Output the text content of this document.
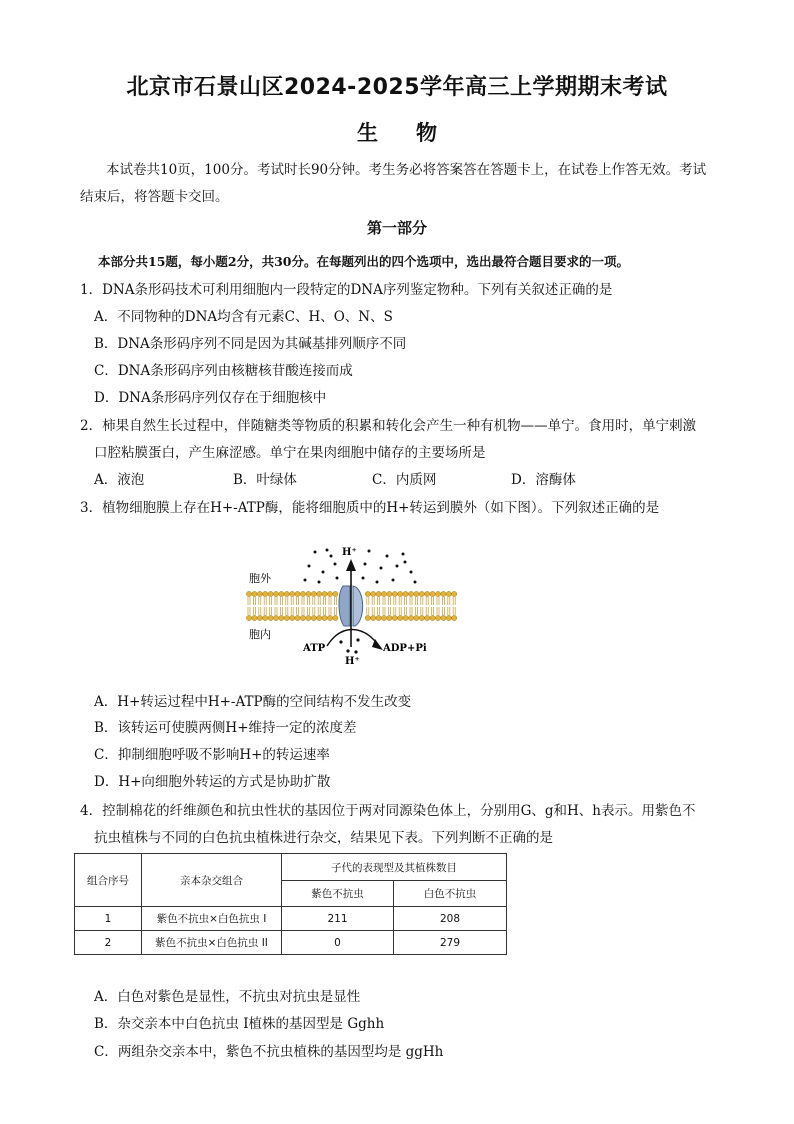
北京市石景山区2024-2025学年高三上学期期末考试
生物
本试卷共10页，100分。考试时长90分钟。考生务必将答案答在答题卡上，在试卷上作答无效。考试结束后，将答题卡交回。
第一部分
本部分共15题，每小题2分，共30分。在每题列出的四个选项中，选出最符合题目要求的一项。
1．DNA条形码技术可利用细胞内一段特定的DNA序列鉴定物种。下列有关叙述正确的是
A．不同物种的DNA均含有元素C、H、O、N、S
B．DNA条形码序列不同是因为其碱基排列顺序不同
C．DNA条形码序列由核糖核苷酸连接而成
D．DNA条形码序列仅存在于细胞核中
2．柿果自然生长过程中，伴随糖类等物质的积累和转化会产生一种有机物——单宁。食用时，单宁刺激
口腔粘膜蛋白，产生麻涩感。单宁在果肉细胞中储存的主要场所是
A．液泡	B．叶绿体	C．内质网	D．溶酶体
3．植物细胞膜上存在H+-ATP酶，能将细胞质中的H+转运到膜外（如下图）。下列叙述正确的是
H⁺
胞外
胞内
ATP	ADP+Pi
H⁺
A．H+转运过程中H+-ATP酶的空间结构不发生改变
B．该转运可使膜两侧H+维持一定的浓度差
C．抑制细胞呼吸不影响H+的转运速率
D．H+向细胞外转运的方式是协助扩散
4．控制棉花的纤维颜色和抗虫性状的基因位于两对同源染色体上，分别用G、g和H、h表示。用紫色不
抗虫植株与不同的白色抗虫植株进行杂交，结果见下表。下列判断不正确的是
组合序号	亲本杂交组合	子代的表现型及其植株数目	
		紫色不抗虫	白色不抗虫
1	紫色不抗虫×白色抗虫 I	211	208
2	紫色不抗虫×白色抗虫 II	0	279
A．白色对紫色是显性，不抗虫对抗虫是显性
B．杂交亲本中白色抗虫 I植株的基因型是 Gghh
C．两组杂交亲本中，紫色不抗虫植株的基因型均是 ggHh
